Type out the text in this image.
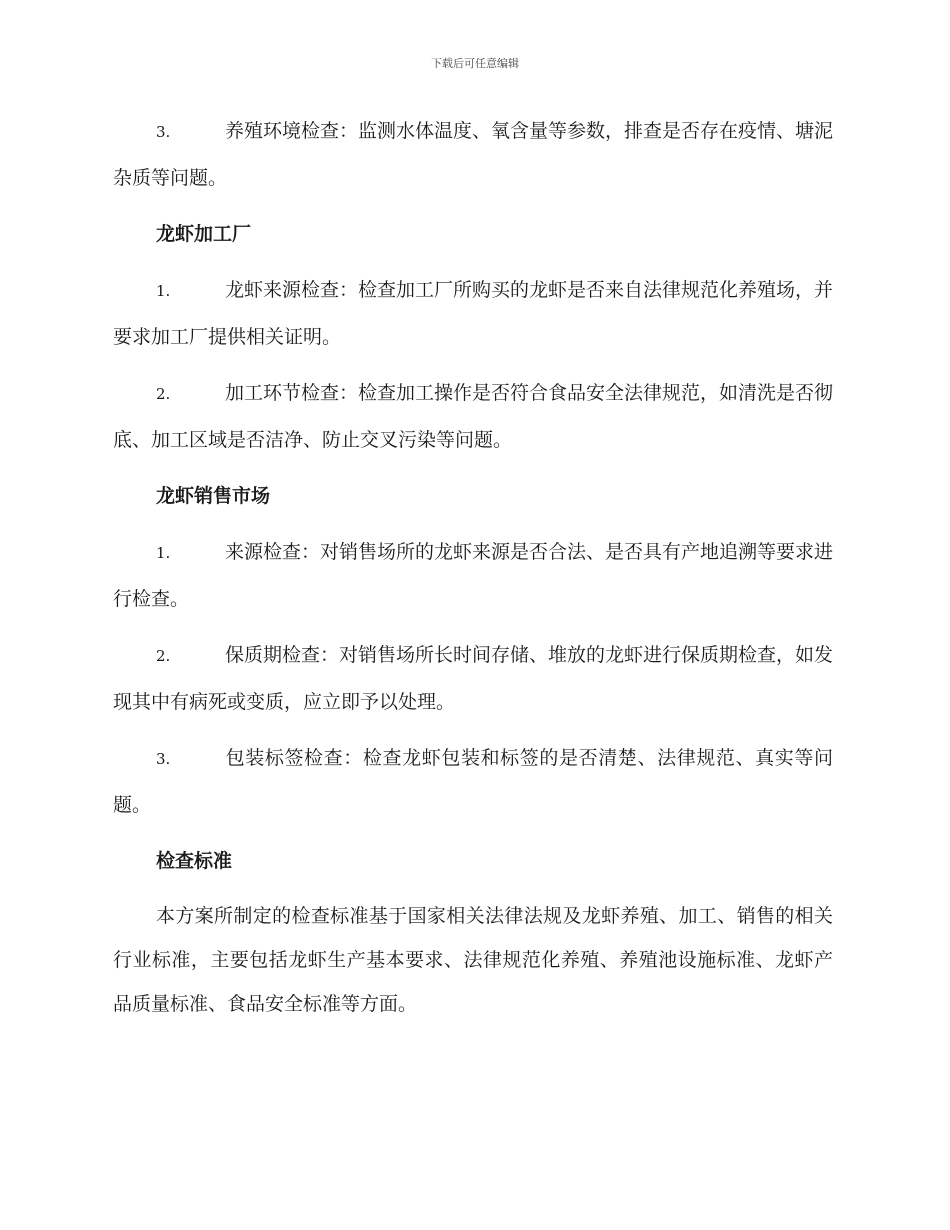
下载后可任意编辑

3.	养殖环境检查：监测水体温度、氧含量等参数，排查是否存在疫情、塘泥杂质等问题。

龙虾加工厂

1.	龙虾来源检查：检查加工厂所购买的龙虾是否来自法律规范化养殖场，并要求加工厂提供相关证明。

2.	加工环节检查：检查加工操作是否符合食品安全法律规范，如清洗是否彻底、加工区域是否洁净、防止交叉污染等问题。

龙虾销售市场

1.	来源检查：对销售场所的龙虾来源是否合法、是否具有产地追溯等要求进行检查。

2.	保质期检查：对销售场所长时间存储、堆放的龙虾进行保质期检查，如发现其中有病死或变质，应立即予以处理。

3.	包装标签检查：检查龙虾包装和标签的是否清楚、法律规范、真实等问题。

检查标准

本方案所制定的检查标准基于国家相关法律法规及龙虾养殖、加工、销售的相关行业标准，主要包括龙虾生产基本要求、法律规范化养殖、养殖池设施标准、龙虾产品质量标准、食品安全标准等方面。
